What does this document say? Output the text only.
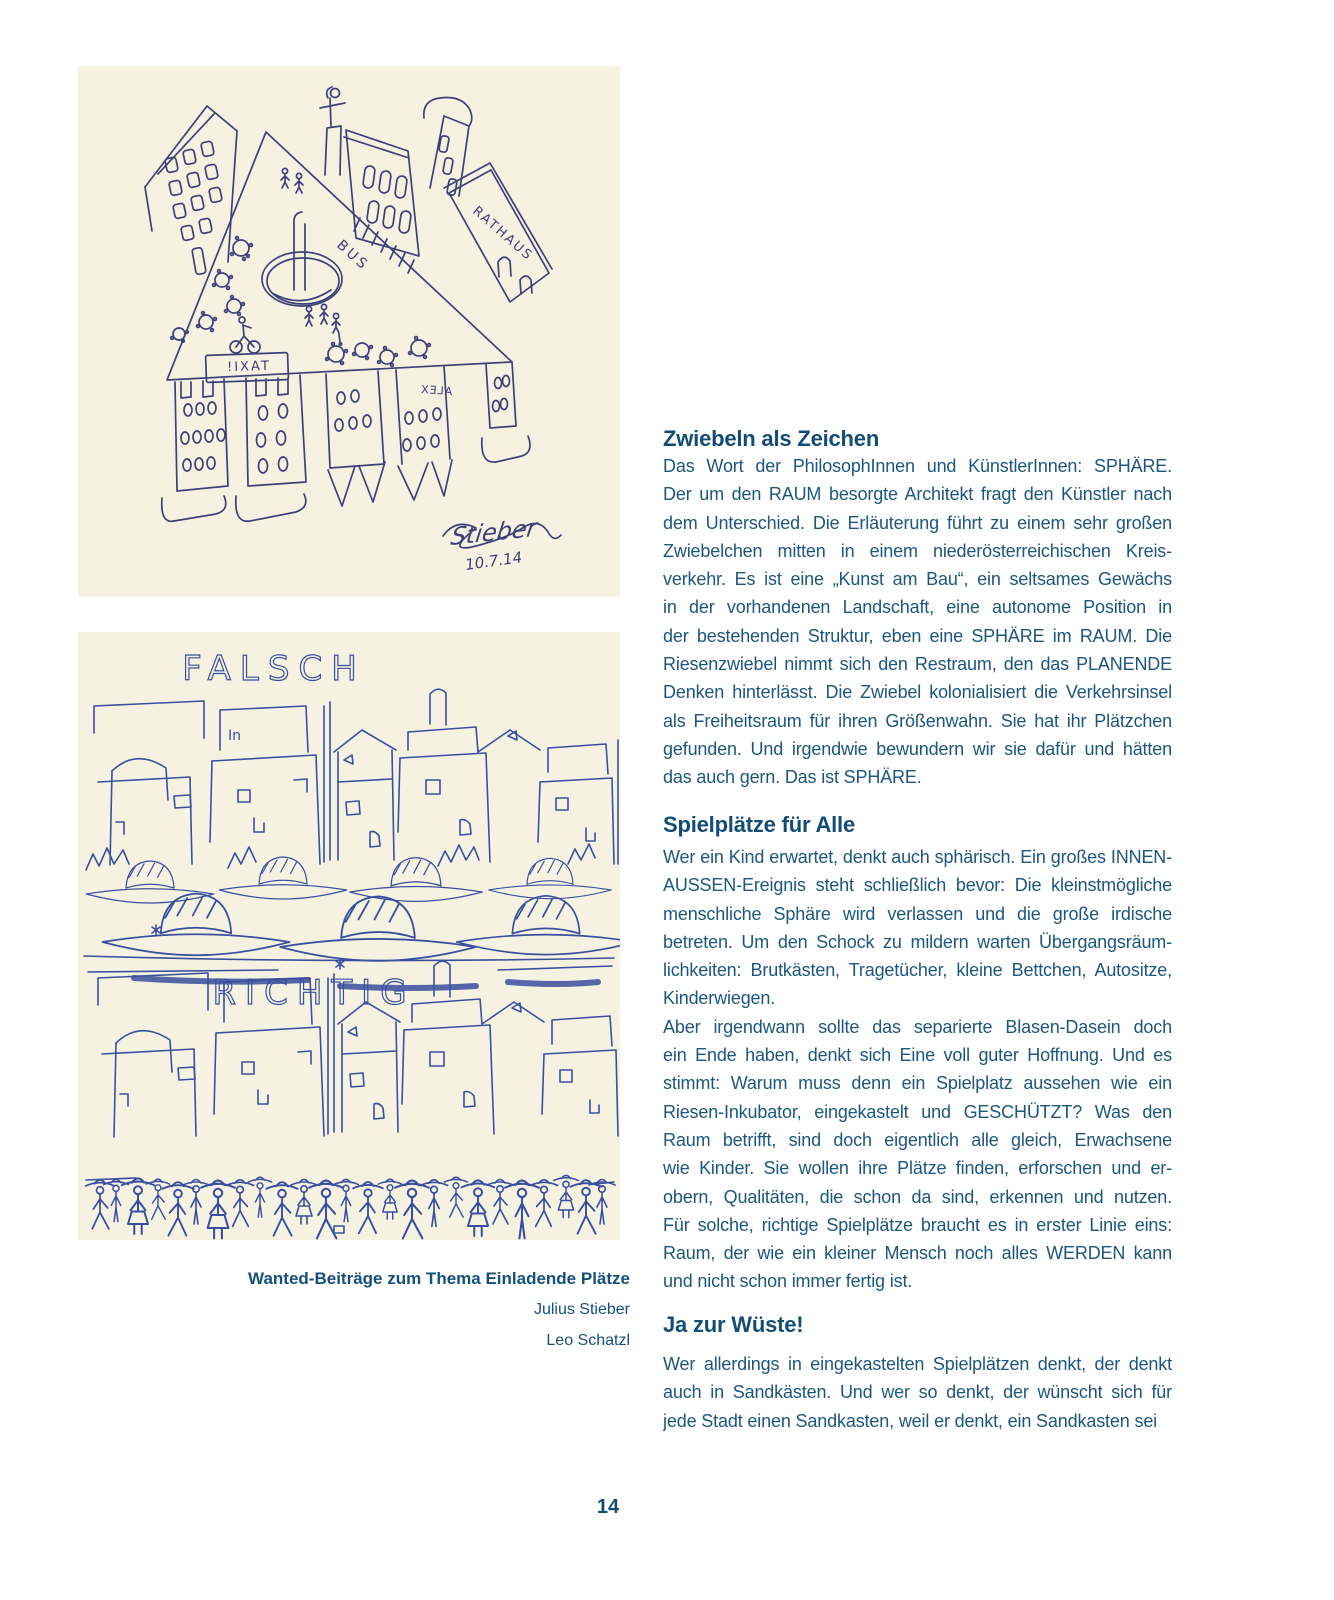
BUS	RATHAUS
TAXI!
ALEX
Stieber
10.7.14
FALSCH
RICHTIG
In
Zwiebeln als Zeichen
Das Wort der PhilosophInnen und KünstlerInnen: SPHÄRE.
Der um den RAUM besorgte Architekt fragt den Künstler nach
dem Unterschied. Die Erläuterung führt zu einem sehr großen
Zwiebelchen mitten in einem niederösterreichischen Kreis-
verkehr. Es ist eine „Kunst am Bau“, ein seltsames Gewächs
in der vorhandenen Landschaft, eine autonome Position in
der bestehenden Struktur, eben eine SPHÄRE im RAUM. Die
Riesenzwiebel nimmt sich den Restraum, den das PLANENDE
Denken hinterlässt. Die Zwiebel kolonialisiert die Verkehrsinsel
als Freiheitsraum für ihren Größenwahn. Sie hat ihr Plätzchen
gefunden. Und irgendwie bewundern wir sie dafür und hätten
das auch gern. Das ist SPHÄRE.
Spielplätze für Alle
Wer ein Kind erwartet, denkt auch sphärisch. Ein großes INNEN-
AUSSEN-Ereignis steht schließlich bevor: Die kleinstmögliche
menschliche Sphäre wird verlassen und die große irdische
betreten. Um den Schock zu mildern warten Übergangsräum-
lichkeiten: Brutkästen, Tragetücher, kleine Bettchen, Autositze,
Kinderwiegen.
Aber irgendwann sollte das separierte Blasen-Dasein doch
ein Ende haben, denkt sich Eine voll guter Hoffnung. Und es
stimmt: Warum muss denn ein Spielplatz aussehen wie ein
Riesen-Inkubator, eingekastelt und GESCHÜTZT? Was den
Raum betrifft, sind doch eigentlich alle gleich, Erwachsene
wie Kinder. Sie wollen ihre Plätze finden, erforschen und er-
obern, Qualitäten, die schon da sind, erkennen und nutzen.
Für solche, richtige Spielplätze braucht es in erster Linie eins:
Raum, der wie ein kleiner Mensch noch alles WERDEN kann
und nicht schon immer fertig ist.
Ja zur Wüste!
Wer allerdings in eingekastelten Spielplätzen denkt, der denkt
auch in Sandkästen. Und wer so denkt, der wünscht sich für
jede Stadt einen Sandkasten, weil er denkt, ein Sandkasten sei
Wanted-Beiträge zum Thema Einladende Plätze
Julius Stieber
Leo Schatzl
14
